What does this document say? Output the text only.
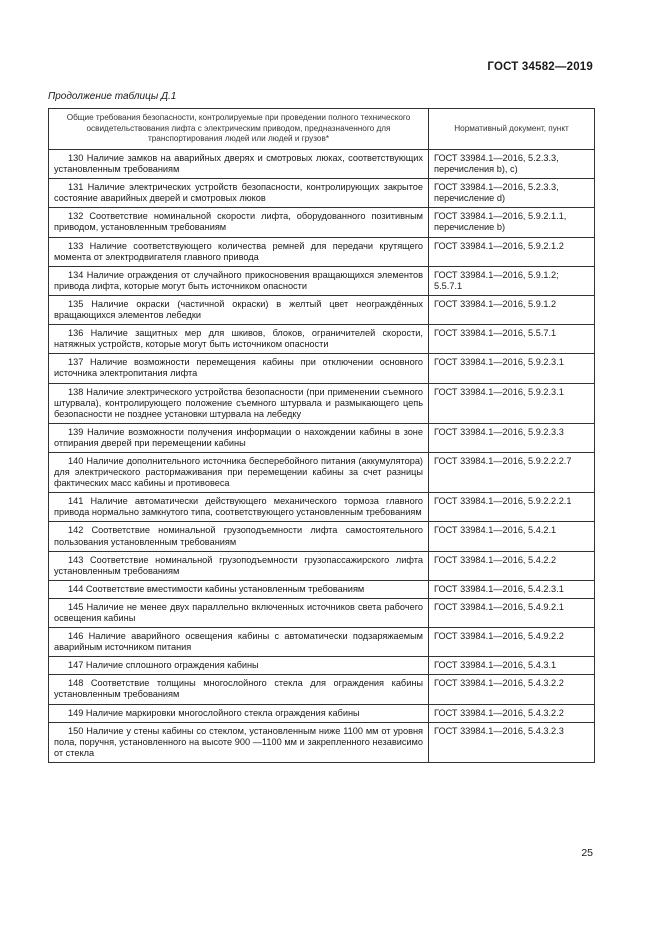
ГОСТ 34582—2019
Продолжение таблицы Д.1
Общие требования безопасности, контролируемые при проведении полного технического освидетельствования лифта с электрическим приводом, предназначенного для транспортирования людей или людей и грузов*	Нормативный документ, пункт
130 Наличие замков на аварийных дверях и смотровых люках, соответствующих установленным требованиям	ГОСТ 33984.1—2016, 5.2.3.3, перечисления b), c)
131 Наличие электрических устройств безопасности, контролирующих закрытое состояние аварийных дверей и смотровых люков	ГОСТ 33984.1—2016, 5.2.3.3, перечисление d)
132 Соответствие номинальной скорости лифта, оборудованного позитивным приводом, установленным требованиям	ГОСТ 33984.1—2016, 5.9.2.1.1, перечисление b)
133 Наличие соответствующего количества ремней для передачи крутящего момента от электродвигателя главного привода	ГОСТ 33984.1—2016, 5.9.2.1.2
134 Наличие ограждения от случайного прикосновения вращающихся элементов привода лифта, которые могут быть источником опасности	ГОСТ 33984.1—2016, 5.9.1.2; 5.5.7.1
135 Наличие окраски (частичной окраски) в желтый цвет неограждённых вращающихся элементов лебедки	ГОСТ 33984.1—2016, 5.9.1.2
136 Наличие защитных мер для шкивов, блоков, ограничителей скорости, натяжных устройств, которые могут быть источником опасности	ГОСТ 33984.1—2016, 5.5.7.1
137 Наличие возможности перемещения кабины при отключении основного источника электропитания лифта	ГОСТ 33984.1—2016, 5.9.2.3.1
138 Наличие электрического устройства безопасности (при применении съемного штурвала), контролирующего положение съемного штурвала и размыкающего цепь безопасности не позднее установки штурвала на лебедку	ГОСТ 33984.1—2016, 5.9.2.3.1
139 Наличие возможности получения информации о нахождении кабины в зоне отпирания дверей при перемещении кабины	ГОСТ 33984.1—2016, 5.9.2.3.3
140 Наличие дополнительного источника бесперебойного питания (аккумулятора) для электрического растормаживания при перемещении кабины за счет разницы фактических масс кабины и противовеса	ГОСТ 33984.1—2016, 5.9.2.2.2.7
141 Наличие автоматически действующего механического тормоза главного привода нормально замкнутого типа, соответствующего установленным требованиям	ГОСТ 33984.1—2016, 5.9.2.2.2.1
142 Соответствие номинальной грузоподъемности лифта самостоятельного пользования установленным требованиям	ГОСТ 33984.1—2016, 5.4.2.1
143 Соответствие номинальной грузоподъемности грузопассажирского лифта установленным требованиям	ГОСТ 33984.1—2016, 5.4.2.2
144 Соответствие вместимости кабины установленным требованиям	ГОСТ 33984.1—2016, 5.4.2.3.1
145 Наличие не менее двух параллельно включенных источников света рабочего освещения кабины	ГОСТ 33984.1—2016, 5.4.9.2.1
146 Наличие аварийного освещения кабины с автоматически подзаряжаемым аварийным источником питания	ГОСТ 33984.1—2016, 5.4.9.2.2
147 Наличие сплошного ограждения кабины	ГОСТ 33984.1—2016, 5.4.3.1
148 Соответствие толщины многослойного стекла для ограждения кабины установленным требованиям	ГОСТ 33984.1—2016, 5.4.3.2.2
149 Наличие маркировки многослойного стекла ограждения кабины	ГОСТ 33984.1—2016, 5.4.3.2.2
150 Наличие у стены кабины со стеклом, установленным ниже 1100 мм от уровня пола, поручня, установленного на высоте 900 —1100 мм и закрепленного независимо от стекла	ГОСТ 33984.1—2016, 5.4.3.2.3
25
